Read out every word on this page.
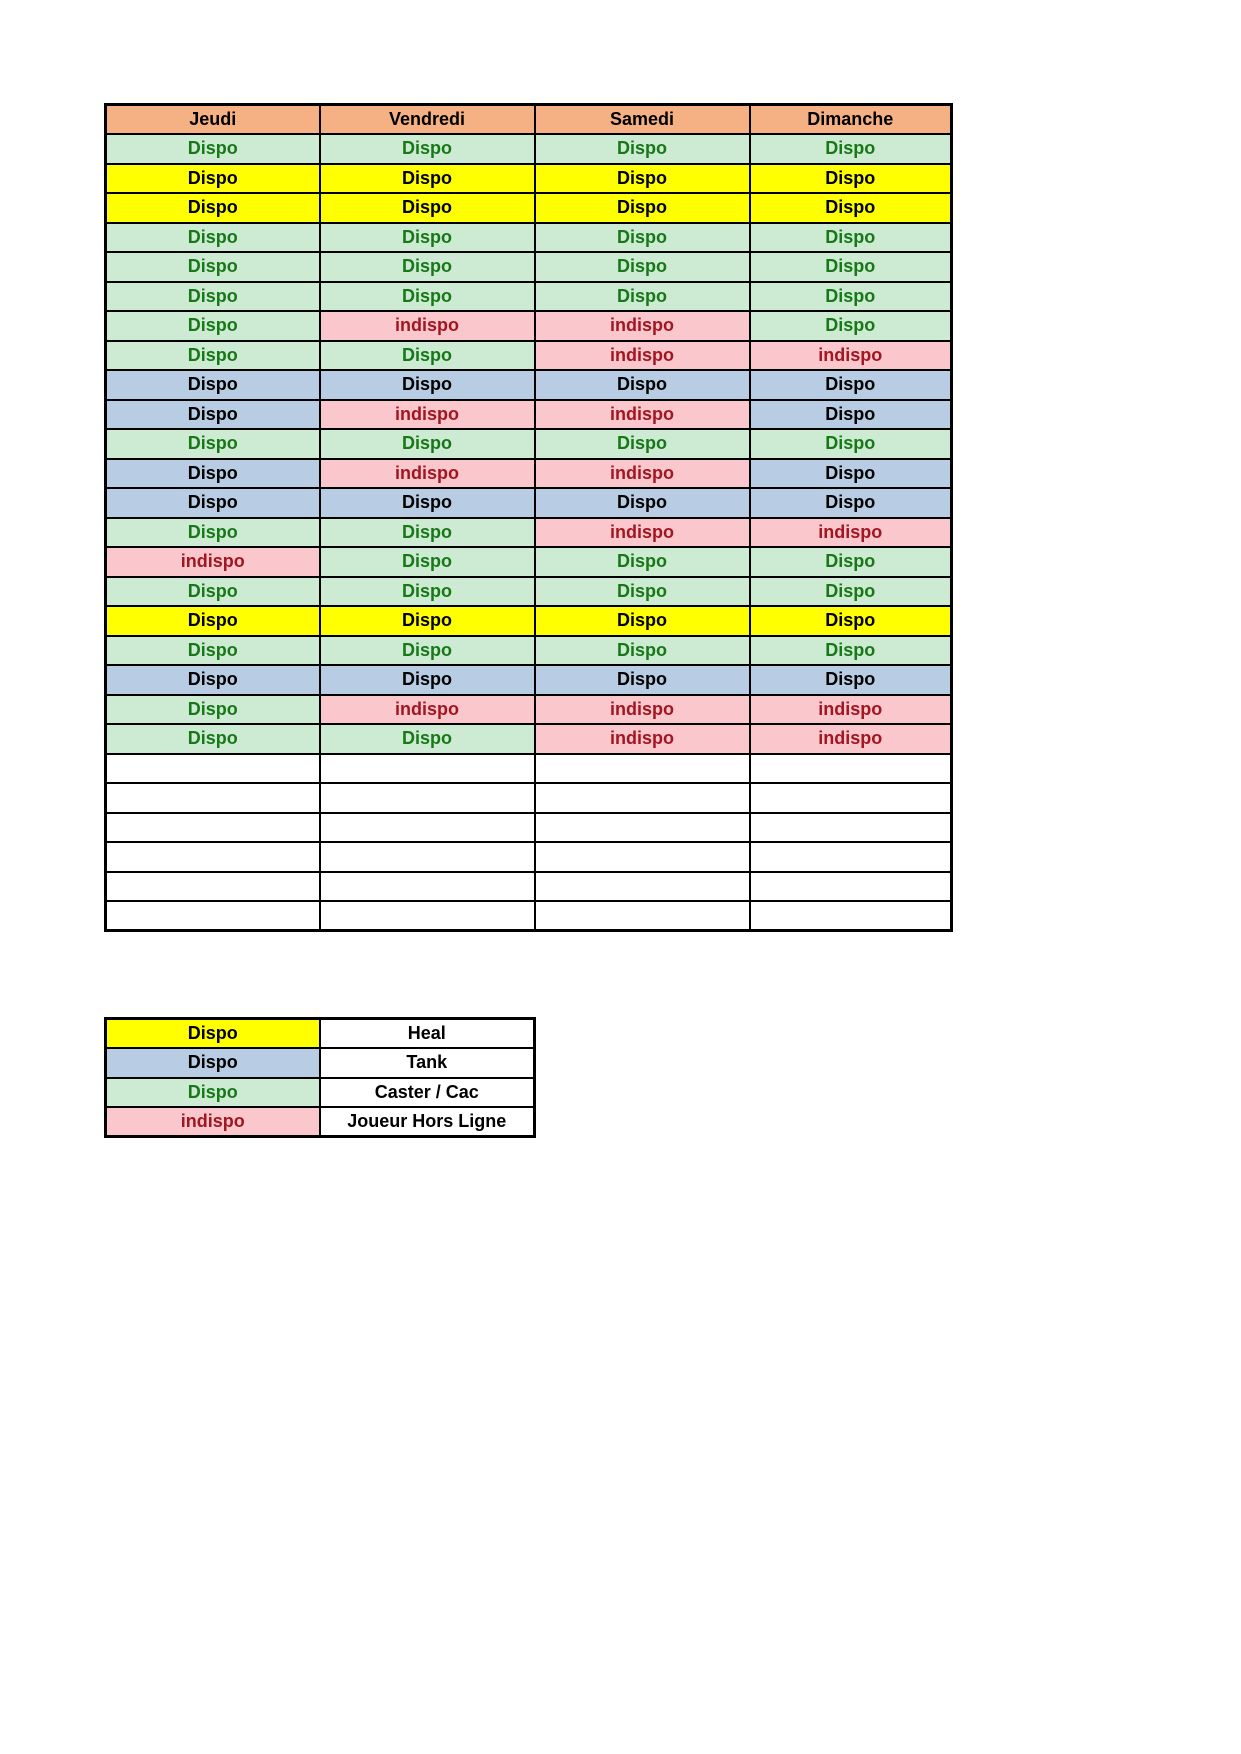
Jeudi	Vendredi	Samedi	Dimanche
Dispo	Dispo	Dispo	Dispo
Dispo	Dispo	Dispo	Dispo
Dispo	Dispo	Dispo	Dispo
Dispo	Dispo	Dispo	Dispo
Dispo	Dispo	Dispo	Dispo
Dispo	Dispo	Dispo	Dispo
Dispo	indispo	indispo	Dispo
Dispo	Dispo	indispo	indispo
Dispo	Dispo	Dispo	Dispo
Dispo	indispo	indispo	Dispo
Dispo	Dispo	Dispo	Dispo
Dispo	indispo	indispo	Dispo
Dispo	Dispo	Dispo	Dispo
Dispo	Dispo	indispo	indispo
indispo	Dispo	Dispo	Dispo
Dispo	Dispo	Dispo	Dispo
Dispo	Dispo	Dispo	Dispo
Dispo	Dispo	Dispo	Dispo
Dispo	Dispo	Dispo	Dispo
Dispo	indispo	indispo	indispo
Dispo	Dispo	indispo	indispo

Dispo	Heal
Dispo	Tank
Dispo	Caster / Cac
indispo	Joueur Hors Ligne
